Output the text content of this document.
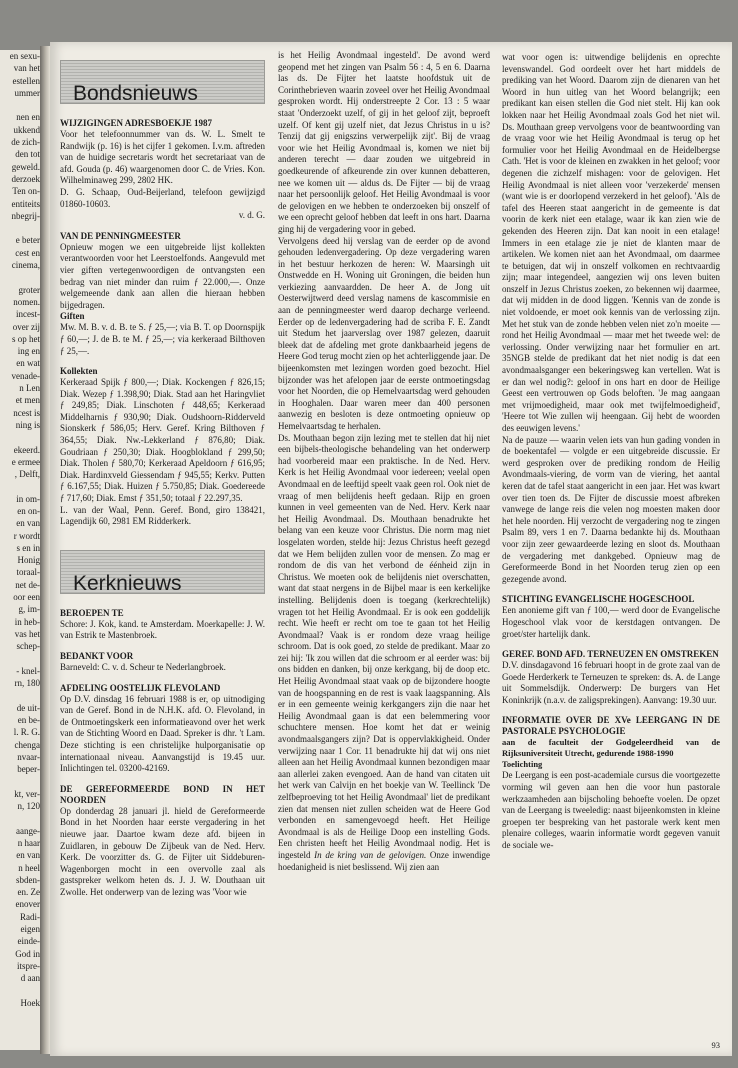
en sexu-

van het

estellen

ummer

nen en

ukkend

de zich-

den tot

geweld.

derzoek

Ten on-

entiteits

nbegrij-

e beter

cest en

cinema,

groter

nomen.

incest-

over zij

s op het

ing en

en wat

venade-

n Len

et men

ncest is

ning is

ekeerd.

e ermee

, Delft,

in om-

en on-

en van

r wordt

s en in

Honig

toraal-

net de-

oor een

g, im-

in heb-

vas het

schep-

- knel-

rn, 180

de uit-

en be-

l. R. G.

chenga

nvaar-

beper-

kt, ver-

n, 120

aange-

n haar

en van

n heel

sbden-

en. Ze

enover

Radi-

eigen

einde-

God in

itspre-

d aan

Hoek

Bondsnieuws

WIJZIGINGEN ADRESBOEKJE 1987

Voor het telefoonnummer van ds. W. L. Smelt te Randwijk (p. 16) is het cijfer 1 gekomen. I.v.m. aftreden van de huidige secretaris wordt het secretariaat van de afd. Gouda (p. 46) waargenomen door C. de Vries. Kon. Wilhelminaweg 299, 2802 HK.

D. G. Schaap, Oud-Beijerland, telefoon gewijzigd 01860-10603.

v. d. G.

VAN DE PENNINGMEESTER

Opnieuw mogen we een uitgebreide lijst kollekten verantwoorden voor het Leerstoelfonds. Aangevuld met vier giften vertegenwoordigen de ontvangsten een bedrag van niet minder dan ruim ƒ 22.000,—. Onze welgemeende dank aan allen die hieraan hebben bijgedragen.

Giften

Mw. M. B. v. d. B. te S. ƒ 25,—; via B. T. op Doornspijk ƒ 60,—; J. de B. te M. ƒ 25,—; via kerkeraad Bilthoven ƒ 25,—.

Kollekten

Kerkeraad Spijk ƒ 800,—; Diak. Kockengen ƒ 826,15; Diak. Wezep ƒ 1.398,90; Diak. Stad aan het Haringvliet ƒ 249,85; Diak. Linschoten ƒ 448,65; Kerkeraad Middelharnis ƒ 930,90; Diak. Oudshoorn-Ridderveld Sionskerk ƒ 586,05; Herv. Geref. Kring Bilthoven ƒ 364,55; Diak. Nw.-Lekkerland ƒ 876,80; Diak. Goudriaan ƒ 250,30; Diak. Hoogblokland ƒ 299,50; Diak. Tholen ƒ 580,70; Kerkeraad Apeldoorn ƒ 616,95; Diak. Hardinxveld Giessendam ƒ 945,55; Kerkv. Putten ƒ 6.167,55; Diak. Huizen ƒ 5.750,85; Diak. Goedereede ƒ 717,60; Diak. Emst ƒ 351,50; totaal ƒ 22.297,35.

L. van der Waal, Penn. Geref. Bond, giro 138421, Lagendijk 60, 2981 EM Ridderkerk.

Kerknieuws

BEROEPEN TE

Schore: J. Kok, kand. te Amsterdam. Moerkapelle: J. W. van Estrik te Mastenbroek.

BEDANKT VOOR

Barneveld: C. v. d. Scheur te Nederlangbroek.

AFDELING OOSTELIJK FLEVOLAND

Op D.V. dinsdag 16 februari 1988 is er, op uitnodiging van de Geref. Bond in de N.H.K. afd. O. Flevoland, in de Ontmoetingskerk een informatieavond over het werk van de Stichting Woord en Daad. Spreker is dhr. 't Lam. Deze stichting is een christelijke hulporganisatie op internationaal niveau. Aanvangstijd is 19.45 uur. Inlichtingen tel. 03200-42169.

DE GEREFORMEERDE BOND IN HET NOORDEN

Op donderdag 28 januari jl. hield de Gereformeerde Bond in het Noorden haar eerste vergadering in het nieuwe jaar. Daartoe kwam deze afd. bijeen in Zuidlaren, in gebouw De Zijbeuk van de Ned. Herv. Kerk. De voorzitter ds. G. de Fijter uit Siddeburen-Wagenborgen mocht in een overvolle zaal als gastspreker welkom heten ds. J. J. W. Douthaan uit Zwolle. Het onderwerp van de lezing was 'Voor wie

is het Heilig Avondmaal ingesteld'. De avond werd geopend met het zingen van Psalm 56 : 4, 5 en 6. Daarna las ds. De Fijter het laatste hoofdstuk uit de Corinthebrieven waarin zoveel over het Heilig Avondmaal gesproken wordt. Hij onderstreepte 2 Cor. 13 : 5 waar staat 'Onderzoekt uzelf, of gij in het geloof zijt, beproeft uzelf. Of kent gij uzelf niet, dat Jezus Christus in u is? Tenzij dat gij enigszins verwerpelijk zijt'. Bij de vraag voor wie het Heilig Avondmaal is, komen we niet bij anderen terecht — daar zouden we uitgebreid in goedkeurende of afkeurende zin over kunnen debatteren, nee we komen uit — aldus ds. De Fijter — bij de vraag naar het persoonlijk geloof. Het Heilig Avondmaal is voor de gelovigen en we hebben te onderzoeken bij onszelf of we een oprecht geloof hebben dat leeft in ons hart. Daarna ging hij de vergadering voor in gebed.

Vervolgens deed hij verslag van de eerder op de avond gehouden ledenvergadering. Op deze vergadering waren in het bestuur herkozen de heren: W. Maarsingh uit Onstwedde en H. Woning uit Groningen, die beiden hun verkiezing aanvaardden. De heer A. de Jong uit Oesterwijtwerd deed verslag namens de kascommisie en aan de penningmeester werd daarop decharge verleend. Eerder op de ledenvergadering had de scriba F. E. Zandt uit Stedum het jaarverslag over 1987 gelezen, daaruit bleek dat de afdeling met grote dankbaarheid jegens de Heere God terug mocht zien op het achterliggende jaar. De bijeenkomsten met lezingen worden goed bezocht. Hiel bijzonder was het afelopen jaar de eerste ontmoetingsdag voor het Noorden, die op Hemelvaartsdag werd gehouden in Hooghalen. Daar waren meer dan 400 personen aanwezig en besloten is deze ontmoeting opnieuw op Hemelvaartsdag te herhalen.

Ds. Mouthaan begon zijn lezing met te stellen dat hij niet een bijbels-theologische behandeling van het onderwerp had voorbereid maar een praktische. In de Ned. Herv. Kerk is het Heilig Avondmaal voor iedereen; veelal open Avondmaal en de leeftijd speelt vaak geen rol. Ook niet de vraag of men belijdenis heeft gedaan. Rijp en groen kunnen in veel gemeenten van de Ned. Herv. Kerk naar het Heilig Avondmaal. Ds. Mouthaan benadrukte het belang van een keuze voor Christus. Die norm mag niet losgelaten worden, stelde hij: Jezus Christus heeft gezegd dat we Hem belijden zullen voor de mensen. Zo mag er rondom de dis van het verbond de éénheid zijn in Christus. We moeten ook de belijdenis niet overschatten, want dat staat nergens in de Bijbel maar is een kerkelijke instelling. Belijdenis doen is toegang (kerkrechtelijk) vragen tot het Heilig Avondmaal. Er is ook een goddelijk recht. Wie heeft er recht om toe te gaan tot het Heilig Avondmaal? Vaak is er rondom deze vraag heilige schroom. Dat is ook goed, zo stelde de predikant. Maar zo zei hij: 'Ik zou willen dat die schroom er al eerder was: bij ons bidden en danken, bij onze kerkgang, bij de doop etc. Het Heilig Avondmaal staat vaak op de bijzondere hoogte van de hoogspanning en de rest is vaak laagspanning. Als er in een gemeente weinig kerkgangers zijn die naar het Heilig Avondmaal gaan is dat een belemmering voor schuchtere mensen. Hoe komt het dat er weinig avondmaalsgangers zijn? Dat is oppervlakkigheid. Onder verwijzing naar 1 Cor. 11 benadrukte hij dat wij ons niet alleen aan het Heilig Avondmaal kunnen bezondigen maar aan allerlei zaken evengoed. Aan de hand van citaten uit het werk van Calvijn en het boekje van W. Teellinck 'De zelfbeproeving tot het Heilig Avondmaal' liet de predikant zien dat mensen niet zullen scheiden wat de Heere God verbonden en samengevoegd heeft. Het Heilige Avondmaal is als de Heilige Doop een instelling Gods. Een christen heeft het Heilig Avondmaal nodig. Het is ingesteld In de kring van de gelovigen. Onze inwendige hoedanigheid is niet beslissend. Wij zien aan

wat voor ogen is: uitwendige belijdenis en oprechte levenswandel. God oordeelt over het hart middels de prediking van het Woord. Daarom zijn de dienaren van het Woord in hun uitleg van het Woord belangrijk; een predikant kan eisen stellen die God niet stelt. Hij kan ook lokken naar het Heilig Avondmaal zoals God het niet wil. Ds. Mouthaan greep vervolgens voor de beantwoording van de vraag voor wie het Heilig Avondmaal is terug op het formulier voor het Heilig Avondmaal en de Heidelbergse Cath. 'Het is voor de kleinen en zwakken in het geloof; voor degenen die zichzelf mishagen: voor de gelovigen. Het Heilig Avondmaal is niet alleen voor 'verzekerde' mensen (want wie is er doorlopend verzekerd in het geloof). 'Als de tafel des Heeren staat aangericht in de gemeente is dat voorin de kerk niet een etalage, waar ik kan zien wie de gekenden des Heeren zijn. Dat kan nooit in een etalage! Immers in een etalage zie je niet de klanten maar de artikelen. We komen niet aan het Avondmaal, om daarmee te betuigen, dat wij in onszelf volkomen en rechtvaardig zijn; maar integendeel, aangezien wij ons leven buiten onszelf in Jezus Christus zoeken, zo bekennen wij daarmee, dat wij midden in de dood liggen. 'Kennis van de zonde is niet voldoende, er moet ook kennis van de verlossing zijn. Met het stuk van de zonde hebben velen niet zo'n moeite — rond het Heilig Avondmaal — maar met het tweede wel: de verlossing. Onder verwijzing naar het formulier en art. 35NGB stelde de predikant dat het niet nodig is dat een avondmaalsganger een bekeringsweg kan vertellen. Wat is er dan wel nodig?: geloof in ons hart en door de Heilige Geest een vertrouwen op Gods beloften. 'Je mag aangaan met vrijmoedigheid, maar ook met twijfelmoedigheid', 'Heere tot Wie zullen wij heengaan. Gij hebt de woorden des eeuwigen levens.'

Na de pauze — waarin velen iets van hun gading vonden in de boekentafel — volgde er een uitgebreide discussie. Er werd gesproken over de prediking rondom de Heilig Avondmaals-viering, de vorm van de viering, het aantal keren dat de tafel staat aangericht in een jaar. Het was kwart over tien toen ds. De Fijter de discussie moest afbreken vanwege de lange reis die velen nog moesten maken door het hele noorden. Hij verzocht de vergadering nog te zingen Psalm 89, vers 1 en 7. Daarna bedankte hij ds. Mouthaan voor zijn zeer gewaardeerde lezing en sloot ds. Mouthaan de vergadering met dankgebed. Opnieuw mag de Gereformeerde Bond in het Noorden terug zien op een gezegende avond.

STICHTING EVANGELISCHE HOGESCHOOL

Een anonieme gift van ƒ 100,— werd door de Evangelische Hogeschool vlak voor de kerstdagen ontvangen. De groet/ster hartelijk dank.

GEREF. BOND AFD. TERNEUZEN EN OMSTREKEN

D.V. dinsdagavond 16 februari hoopt in de grote zaal van de Goede Herderkerk te Terneuzen te spreken: ds. A. de Lange uit Sommelsdijk. Onderwerp: De burgers van Het Koninkrijk (n.a.v. de zaligsprekingen). Aanvang: 19.30 uur.

INFORMATIE OVER DE XVe LEERGANG IN DE PASTORALE PSYCHOLOGIE

aan de faculteit der Godgeleerdheid van de Rijksuniversiteit Utrecht, gedurende 1988-1990

Toelichting

De Leergang is een post-academiale cursus die voortgezette vorming wil geven aan hen die voor hun pastorale werkzaamheden aan bijscholing behoefte voelen. De opzet van de Leergang is tweeledig: naast bijeenkomsten in kleine groepen ter bespreking van het pastorale werk kent men plenaire colleges, waarin informatie wordt gegeven vanuit de sociale we-

93
